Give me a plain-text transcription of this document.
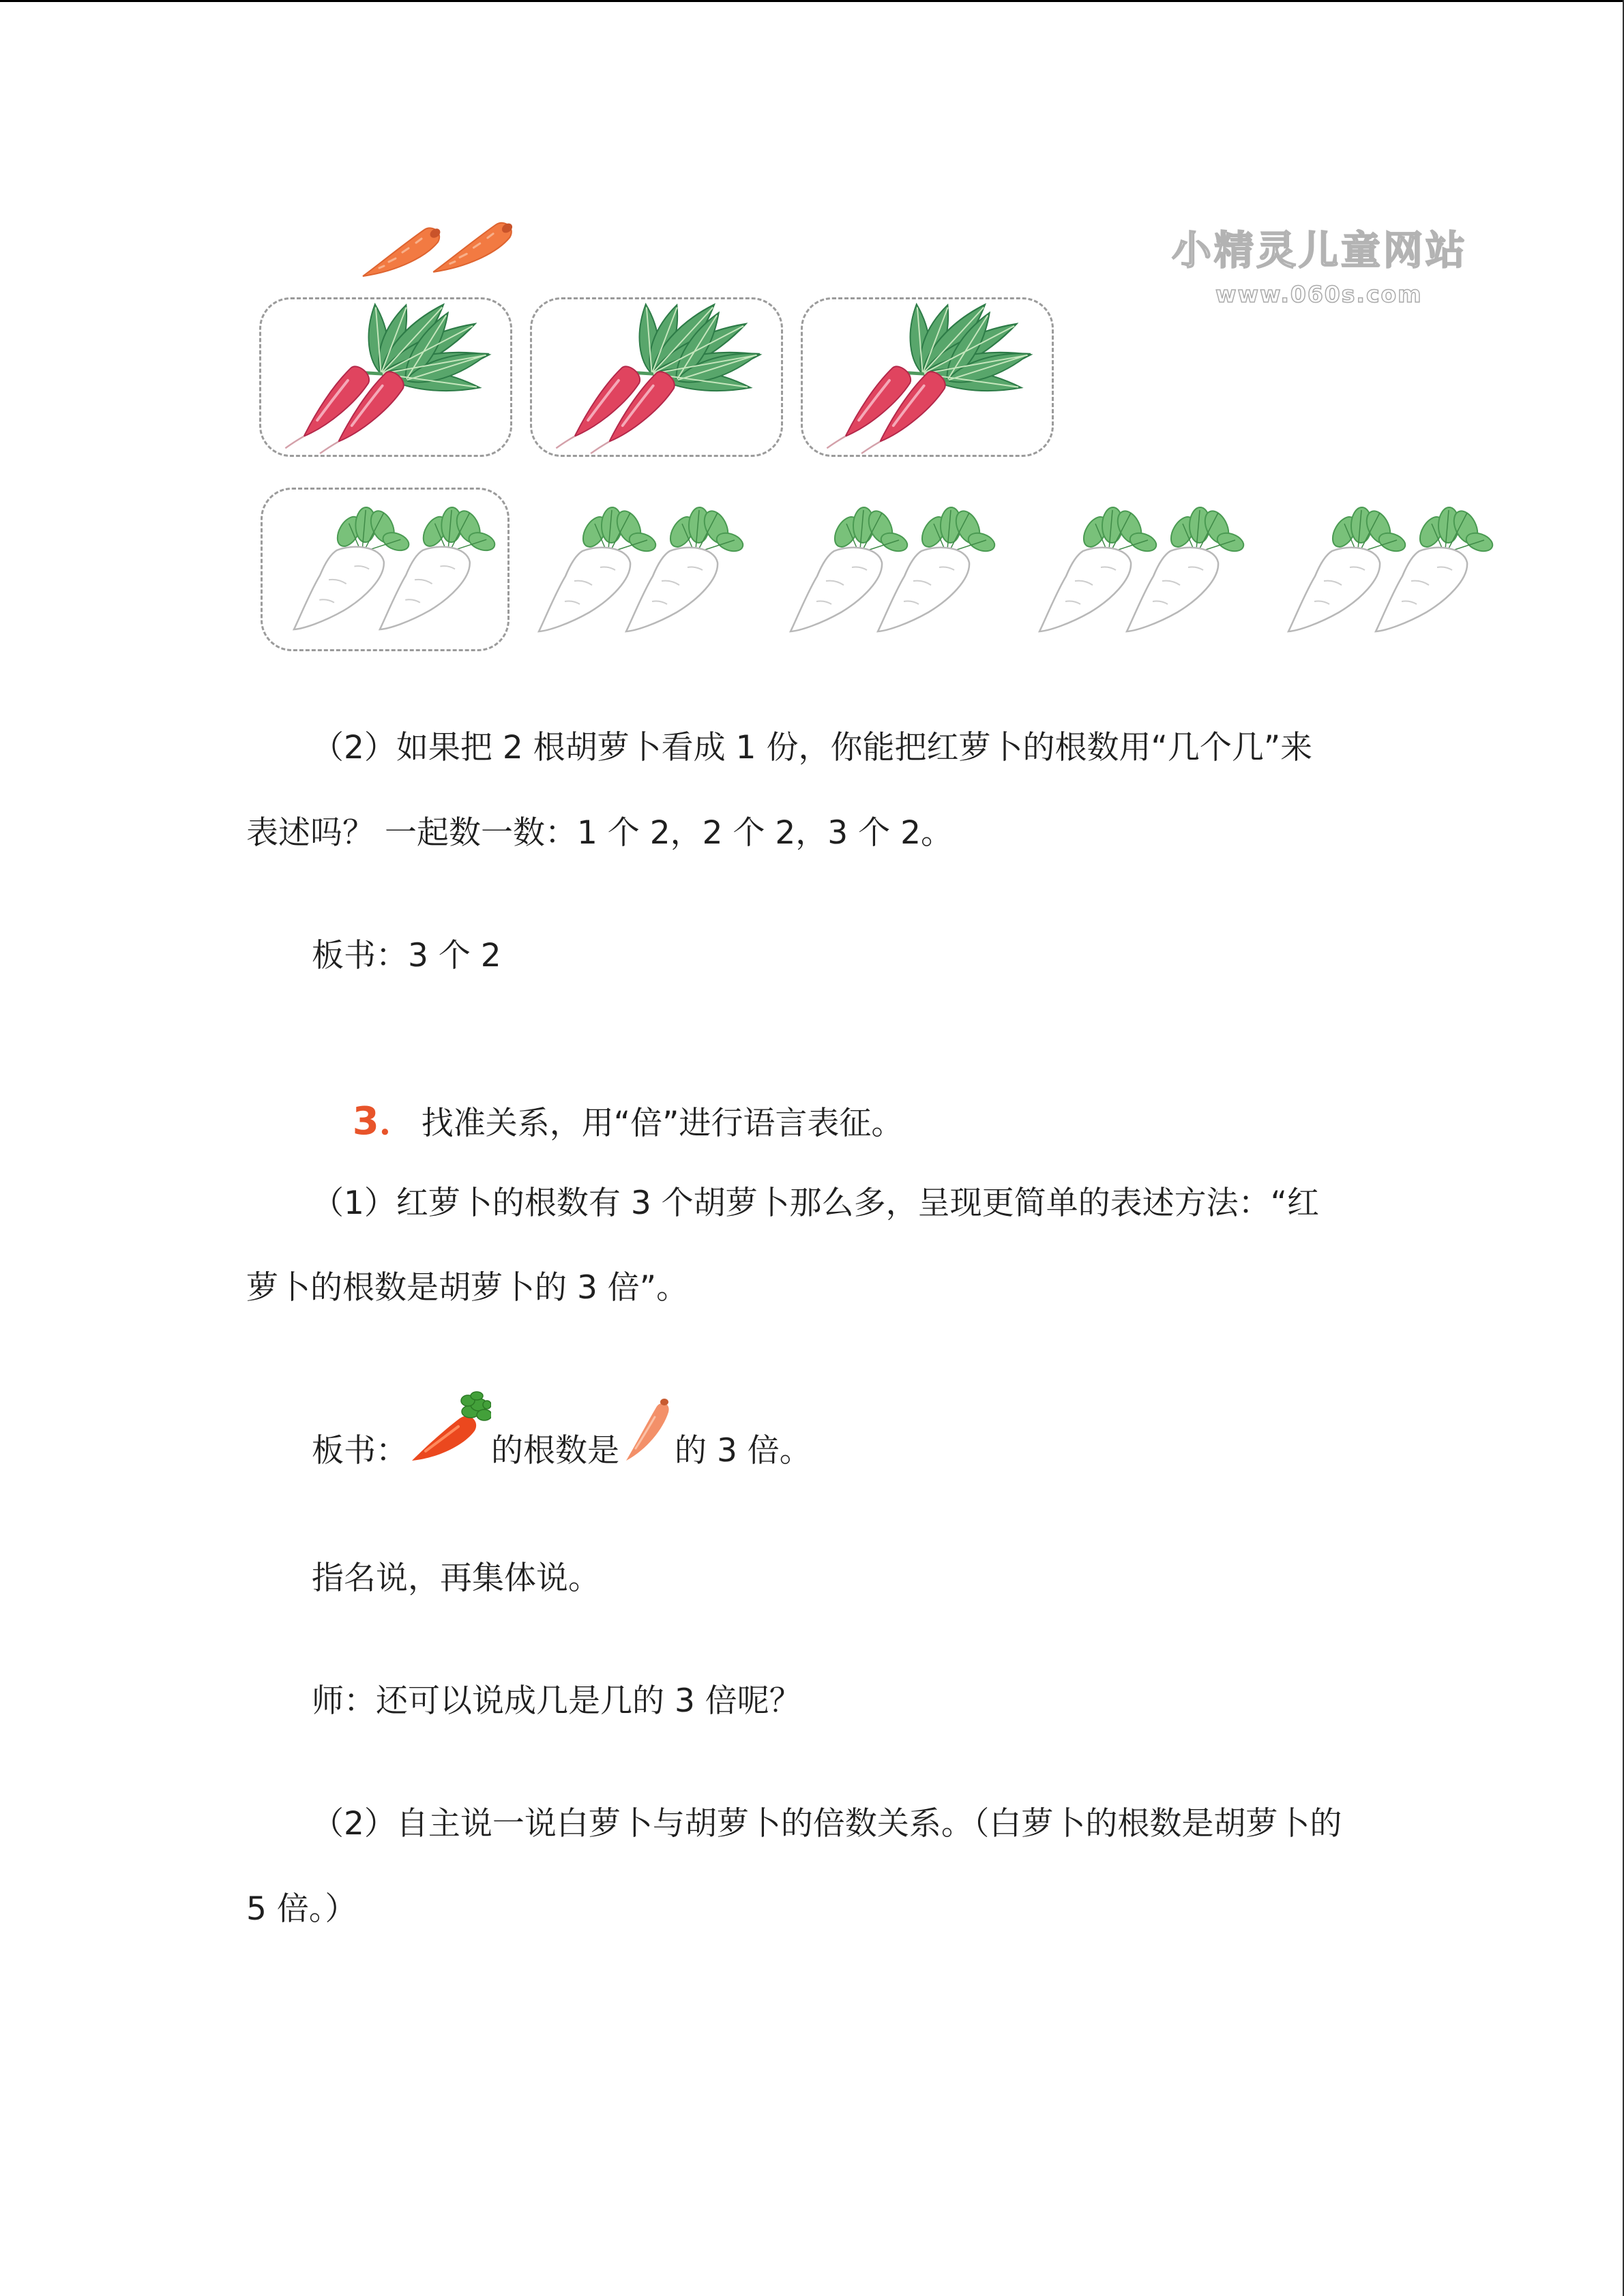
小精灵儿童网站
www.060s.com
（2）如果把 2 根胡萝卜看成 1 份，你能把红萝卜的根数用“几个几”来
表述吗？ 一起数一数：1 个 2，2 个 2，3 个 2。
板书：3 个 2

3． 找准关系，用“倍”进行语言表征。

（1）红萝卜的根数有 3 个胡萝卜那么多，呈现更简单的表述方法：“红
萝卜的根数是胡萝卜的 3 倍”。
板书：	的根数是 的 3 倍。
指名说，再集体说。
师：还可以说成几是几的 3 倍呢？
（2）自主说一说白萝卜与胡萝卜的倍数关系。（白萝卜的根数是胡萝卜的
5 倍。）
